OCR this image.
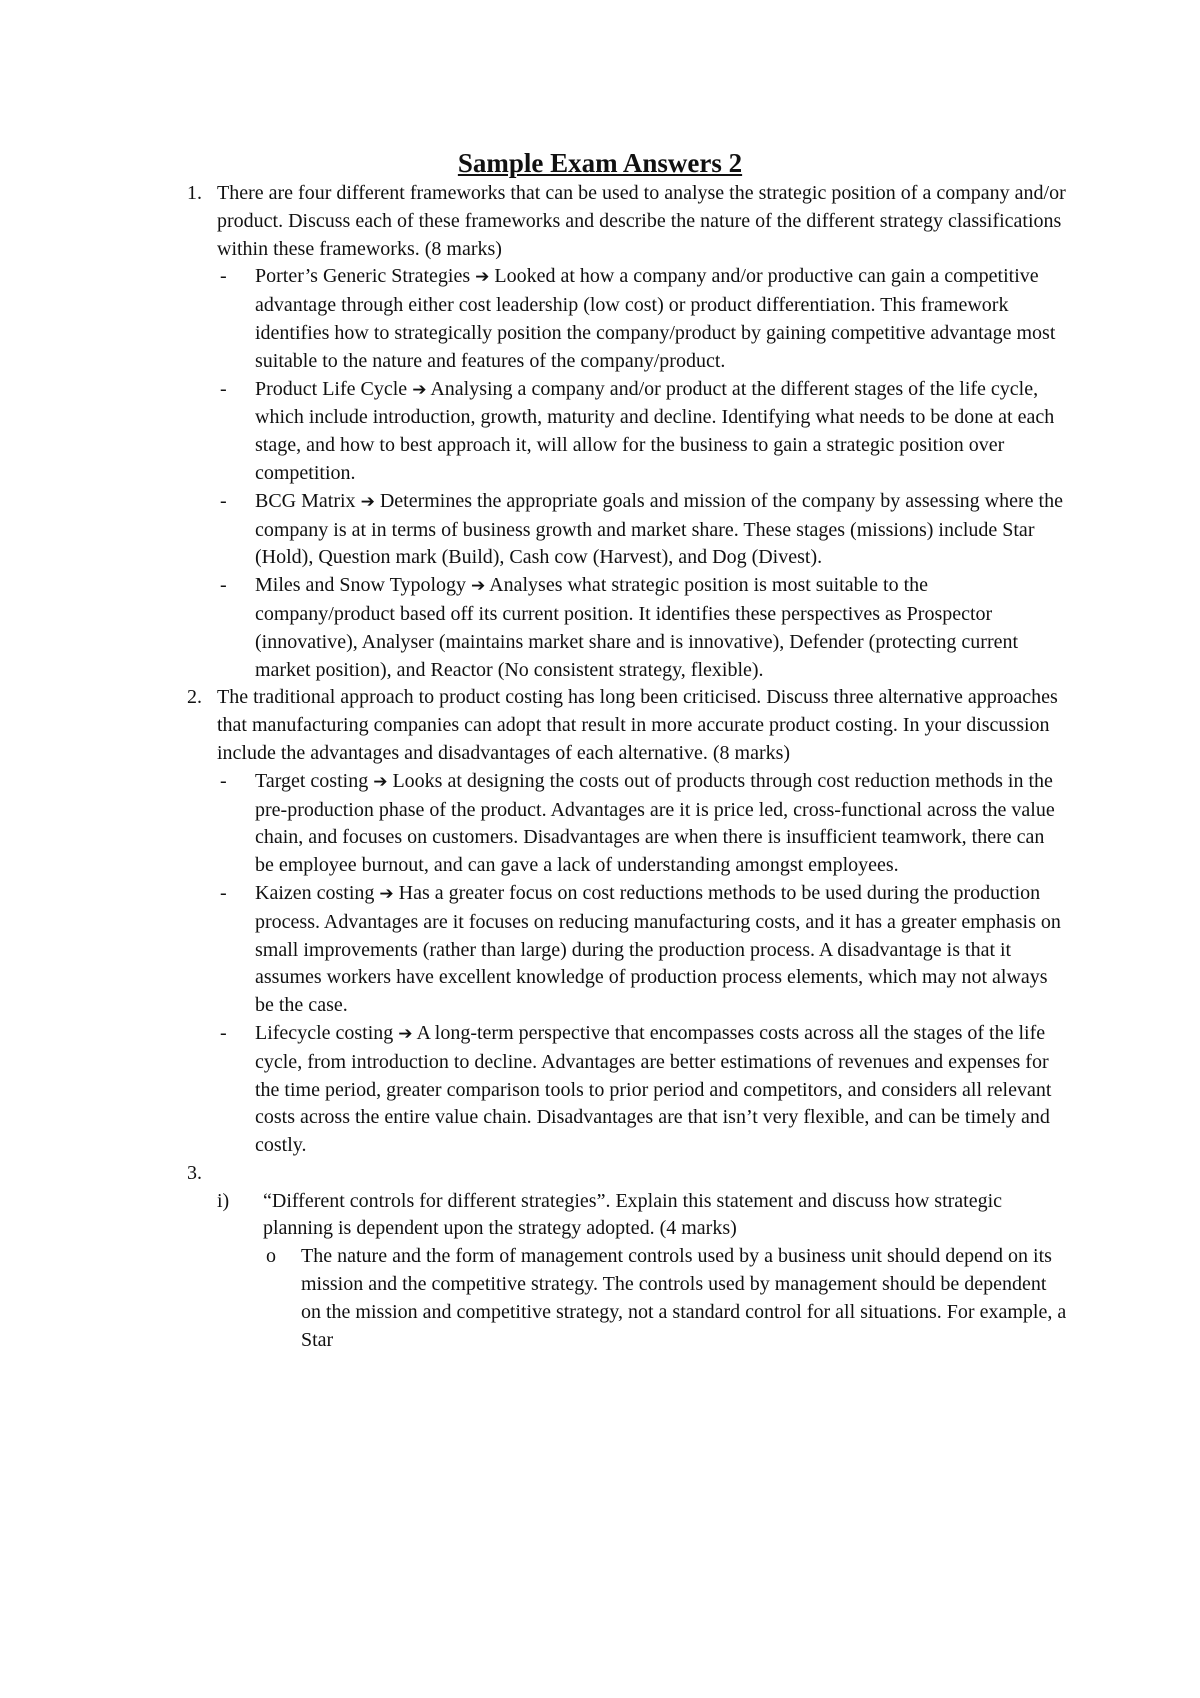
Sample Exam Answers 2
1. There are four different frameworks that can be used to analyse the strategic position of a company and/or product. Discuss each of these frameworks and describe the nature of the different strategy classifications within these frameworks. (8 marks)
- Porter’s Generic Strategies ➔ Looked at how a company and/or productive can gain a competitive advantage through either cost leadership (low cost) or product differentiation. This framework identifies how to strategically position the company/product by gaining competitive advantage most suitable to the nature and features of the company/product.
- Product Life Cycle ➔ Analysing a company and/or product at the different stages of the life cycle, which include introduction, growth, maturity and decline. Identifying what needs to be done at each stage, and how to best approach it, will allow for the business to gain a strategic position over competition.
- BCG Matrix ➔ Determines the appropriate goals and mission of the company by assessing where the company is at in terms of business growth and market share. These stages (missions) include Star (Hold), Question mark (Build), Cash cow (Harvest), and Dog (Divest).
- Miles and Snow Typology ➔ Analyses what strategic position is most suitable to the company/product based off its current position. It identifies these perspectives as Prospector (innovative), Analyser (maintains market share and is innovative), Defender (protecting current market position), and Reactor (No consistent strategy, flexible).
2. The traditional approach to product costing has long been criticised. Discuss three alternative approaches that manufacturing companies can adopt that result in more accurate product costing. In your discussion include the advantages and disadvantages of each alternative. (8 marks)
- Target costing ➔ Looks at designing the costs out of products through cost reduction methods in the pre-production phase of the product. Advantages are it is price led, cross-functional across the value chain, and focuses on customers. Disadvantages are when there is insufficient teamwork, there can be employee burnout, and can gave a lack of understanding amongst employees.
- Kaizen costing ➔ Has a greater focus on cost reductions methods to be used during the production process. Advantages are it focuses on reducing manufacturing costs, and it has a greater emphasis on small improvements (rather than large) during the production process. A disadvantage is that it assumes workers have excellent knowledge of production process elements, which may not always be the case.
- Lifecycle costing ➔ A long-term perspective that encompasses costs across all the stages of the life cycle, from introduction to decline. Advantages are better estimations of revenues and expenses for the time period, greater comparison tools to prior period and competitors, and considers all relevant costs across the entire value chain. Disadvantages are that isn’t very flexible, and can be timely and costly.
3.

i) “Different controls for different strategies”. Explain this statement and discuss how strategic planning is dependent upon the strategy adopted. (4 marks)
o The nature and the form of management controls used by a business unit should depend on its mission and the competitive strategy. The controls used by management should be dependent on the mission and competitive strategy, not a standard control for all situations. For example, a Star
